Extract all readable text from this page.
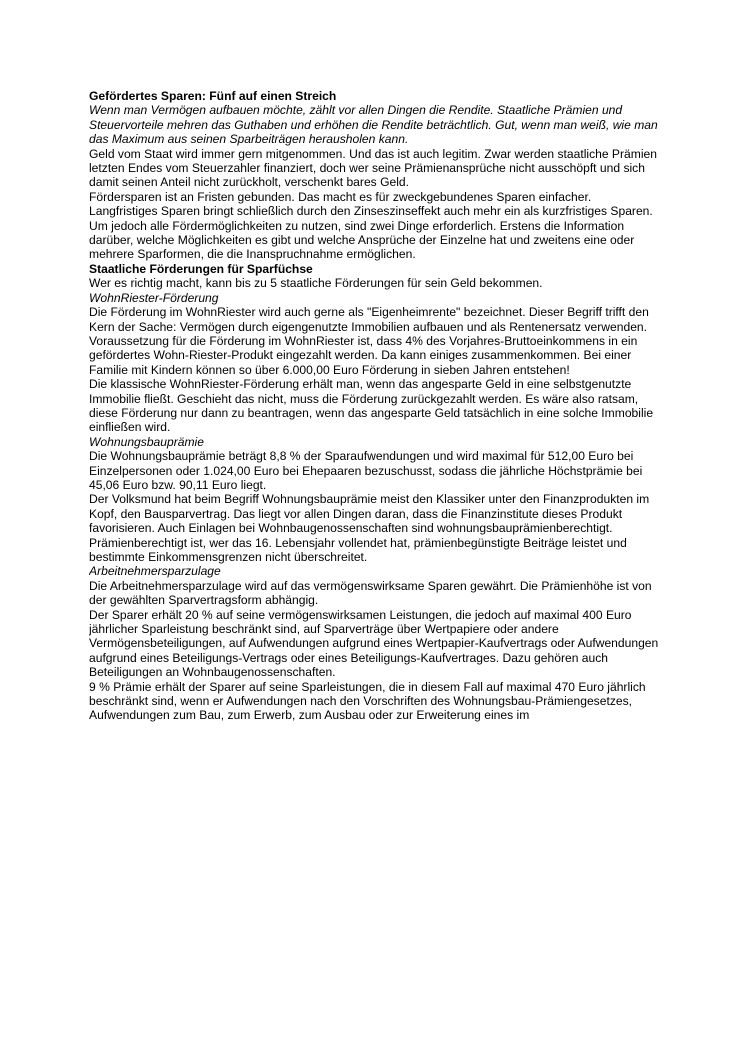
Gefördertes Sparen: Fünf auf einen Streich

Wenn man Vermögen aufbauen möchte, zählt vor allen Dingen die Rendite. Staatliche Prämien und Steuervorteile mehren das Guthaben und erhöhen die Rendite beträchtlich. Gut, wenn man weiß, wie man das Maximum aus seinen Sparbeiträgen herausholen kann.

Geld vom Staat wird immer gern mitgenommen. Und das ist auch legitim. Zwar werden staatliche Prämien letzten Endes vom Steuerzahler finanziert, doch wer seine Prämienansprüche nicht ausschöpft und sich damit seinen Anteil nicht zurückholt, verschenkt bares Geld.

Fördersparen ist an Fristen gebunden. Das macht es für zweckgebundenes Sparen einfacher. Langfristiges Sparen bringt schließlich durch den Zinseszinseffekt auch mehr ein als kurzfristiges Sparen. Um jedoch alle Fördermöglichkeiten zu nutzen, sind zwei Dinge erforderlich. Erstens die Information darüber, welche Möglichkeiten es gibt und welche Ansprüche der Einzelne hat und zweitens eine oder mehrere Sparformen, die die Inanspruchnahme ermöglichen.

Staatliche Förderungen für Sparfüchse

Wer es richtig macht, kann bis zu 5 staatliche Förderungen für sein Geld bekommen.

WohnRiester-Förderung

Die Förderung im WohnRiester wird auch gerne als "Eigenheimrente" bezeichnet. Dieser Begriff trifft den Kern der Sache: Vermögen durch eigengenutzte Immobilien aufbauen und als Rentenersatz verwenden. Voraussetzung für die Förderung im WohnRiester ist, dass 4% des Vorjahres-Bruttoeinkommens in ein gefördertes Wohn-Riester-Produkt eingezahlt werden. Da kann einiges zusammenkommen. Bei einer Familie mit Kindern können so über 6.000,00 Euro Förderung in sieben Jahren entstehen!

Die klassische WohnRiester-Förderung erhält man, wenn das angesparte Geld in eine selbstgenutzte Immobilie fließt. Geschieht das nicht, muss die Förderung zurückgezahlt werden. Es wäre also ratsam, diese Förderung nur dann zu beantragen, wenn das angesparte Geld tatsächlich in eine solche Immobilie einfließen wird.

Wohnungsbauprämie

Die Wohnungsbauprämie beträgt 8,8 % der Sparaufwendungen und wird maximal für 512,00 Euro bei Einzelpersonen oder 1.024,00 Euro bei Ehepaaren bezuschusst, sodass die jährliche Höchstprämie bei 45,06 Euro bzw. 90,11 Euro liegt.

Der Volksmund hat beim Begriff Wohnungsbauprämie meist den Klassiker unter den Finanzprodukten im Kopf, den Bausparvertrag. Das liegt vor allen Dingen daran, dass die Finanzinstitute dieses Produkt favorisieren. Auch Einlagen bei Wohnbaugenossenschaften sind wohnungsbauprämienberechtigt.

Prämienberechtigt ist, wer das 16. Lebensjahr vollendet hat, prämienbegünstigte Beiträge leistet und bestimmte Einkommensgrenzen nicht überschreitet.

Arbeitnehmersparzulage

Die Arbeitnehmersparzulage wird auf das vermögenswirksame Sparen gewährt. Die Prämienhöhe ist von der gewählten Sparvertragsform abhängig.

Der Sparer erhält 20 % auf seine vermögenswirksamen Leistungen, die jedoch auf maximal 400 Euro jährlicher Sparleistung beschränkt sind, auf Sparverträge über Wertpapiere oder andere Vermögensbeteiligungen, auf Aufwendungen aufgrund eines Wertpapier-Kaufvertrags oder Aufwendungen aufgrund eines Beteiligungs-Vertrags oder eines Beteiligungs-Kaufvertrages. Dazu gehören auch Beteiligungen an Wohnbaugenossenschaften.

9 % Prämie erhält der Sparer auf seine Sparleistungen, die in diesem Fall auf maximal 470 Euro jährlich beschränkt sind, wenn er Aufwendungen nach den Vorschriften des Wohnungsbau-Prämiengesetzes, Aufwendungen zum Bau, zum Erwerb, zum Ausbau oder zur Erweiterung eines im
